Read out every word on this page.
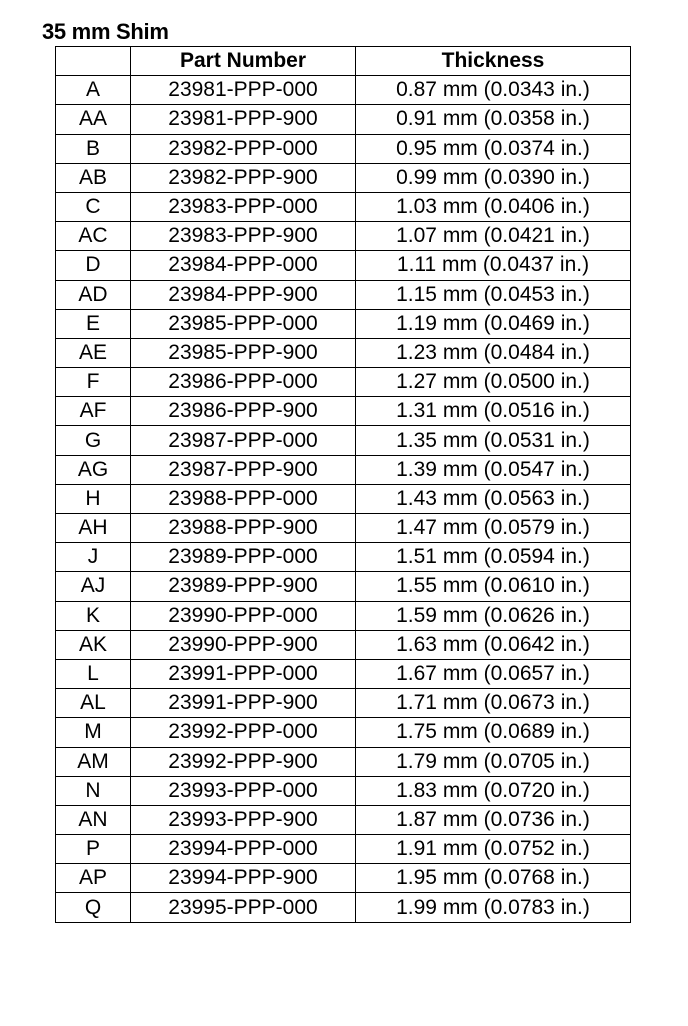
35 mm Shim
	Part Number	Thickness
A	23981-PPP-000	0.87 mm (0.0343 in.)
AA	23981-PPP-900	0.91 mm (0.0358 in.)
B	23982-PPP-000	0.95 mm (0.0374 in.)
AB	23982-PPP-900	0.99 mm (0.0390 in.)
C	23983-PPP-000	1.03 mm (0.0406 in.)
AC	23983-PPP-900	1.07 mm (0.0421 in.)
D	23984-PPP-000	1.11 mm (0.0437 in.)
AD	23984-PPP-900	1.15 mm (0.0453 in.)
E	23985-PPP-000	1.19 mm (0.0469 in.)
AE	23985-PPP-900	1.23 mm (0.0484 in.)
F	23986-PPP-000	1.27 mm (0.0500 in.)
AF	23986-PPP-900	1.31 mm (0.0516 in.)
G	23987-PPP-000	1.35 mm (0.0531 in.)
AG	23987-PPP-900	1.39 mm (0.0547 in.)
H	23988-PPP-000	1.43 mm (0.0563 in.)
AH	23988-PPP-900	1.47 mm (0.0579 in.)
J	23989-PPP-000	1.51 mm (0.0594 in.)
AJ	23989-PPP-900	1.55 mm (0.0610 in.)
K	23990-PPP-000	1.59 mm (0.0626 in.)
AK	23990-PPP-900	1.63 mm (0.0642 in.)
L	23991-PPP-000	1.67 mm (0.0657 in.)
AL	23991-PPP-900	1.71 mm (0.0673 in.)
M	23992-PPP-000	1.75 mm (0.0689 in.)
AM	23992-PPP-900	1.79 mm (0.0705 in.)
N	23993-PPP-000	1.83 mm (0.0720 in.)
AN	23993-PPP-900	1.87 mm (0.0736 in.)
P	23994-PPP-000	1.91 mm (0.0752 in.)
AP	23994-PPP-900	1.95 mm (0.0768 in.)
Q	23995-PPP-000	1.99 mm (0.0783 in.)
